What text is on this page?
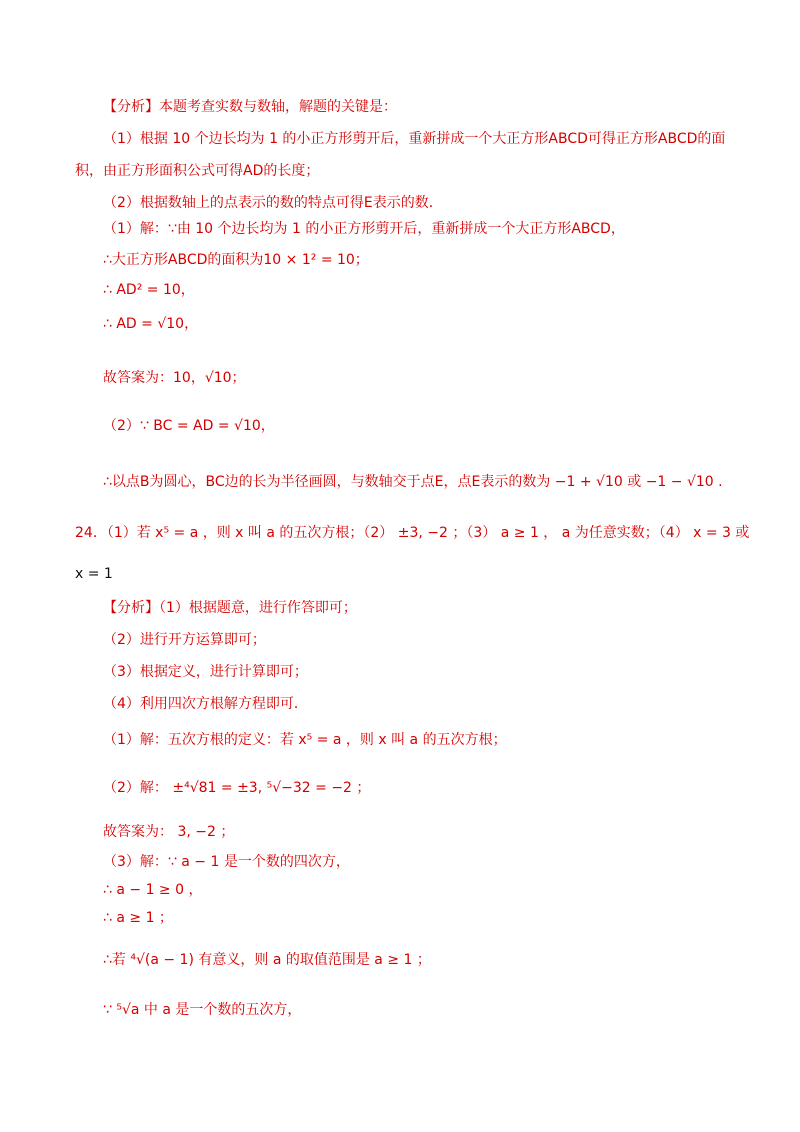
【分析】本题考查实数与数轴，解题的关键是：
（1）根据 10 个边长均为 1 的小正方形剪开后，重新拼成一个大正方形ABCD可得正方形ABCD的面
积，由正方形面积公式可得AD的长度；
（2）根据数轴上的点表示的数的特点可得E表示的数．
（1）解：∵由 10 个边长均为 1 的小正方形剪开后，重新拼成一个大正方形ABCD，
∴大正方形ABCD的面积为10 × 1² = 10；
∴ AD² = 10，
∴ AD = √10，
故答案为：10，√10；
（2）∵ BC = AD = √10，
∴以点B为圆心，BC边的长为半径画圆，与数轴交于点E，点E表示的数为 −1 + √10 或 −1 − √10 .
24．（1）若 x⁵ = a ，则 x 叫 a 的五次方根；（2） ±3, −2 ；（3） a ≥ 1 ， a 为任意实数；（4） x = 3 或
x = 1
【分析】（1）根据题意，进行作答即可；
（2）进行开方运算即可；
（3）根据定义，进行计算即可；
（4）利用四次方根解方程即可．
（1）解：五次方根的定义：若 x⁵ = a ，则 x 叫 a 的五次方根；
（2）解： ±⁴√81 = ±3, ⁵√−32 = −2 ；
故答案为： 3, −2 ；
（3）解：∵ a − 1 是一个数的四次方，
∴ a − 1 ≥ 0 ，
∴ a ≥ 1 ；
∴若 ⁴√(a − 1) 有意义，则 a 的取值范围是 a ≥ 1 ；
∵ ⁵√a 中 a 是一个数的五次方，
